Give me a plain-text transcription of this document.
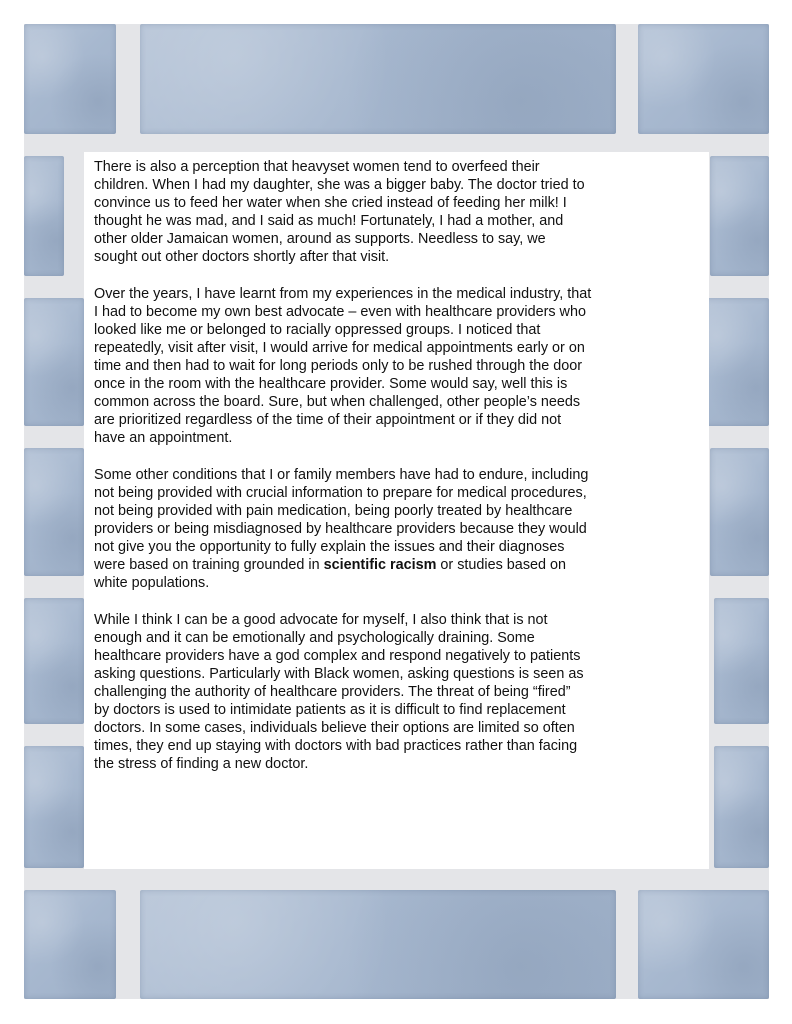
There is also a perception that heavyset women tend to overfeed their
children. When I had my daughter, she was a bigger baby. The doctor tried to
convince us to feed her water when she cried instead of feeding her milk! I
thought he was mad, and I said as much! Fortunately, I had a mother, and
other older Jamaican women, around as supports. Needless to say, we
sought out other doctors shortly after that visit.

Over the years, I have learnt from my experiences in the medical industry, that
I had to become my own best advocate – even with healthcare providers who
looked like me or belonged to racially oppressed groups. I noticed that
repeatedly, visit after visit, I would arrive for medical appointments early or on
time and then had to wait for long periods only to be rushed through the door
once in the room with the healthcare provider. Some would say, well this is
common across the board. Sure, but when challenged, other people’s needs
are prioritized regardless of the time of their appointment or if they did not
have an appointment.

Some other conditions that I or family members have had to endure, including
not being provided with crucial information to prepare for medical procedures,
not being provided with pain medication, being poorly treated by healthcare
providers or being misdiagnosed by healthcare providers because they would
not give you the opportunity to fully explain the issues and their diagnoses
were based on training grounded in scientific racism or studies based on
white populations.

While I think I can be a good advocate for myself, I also think that is not
enough and it can be emotionally and psychologically draining. Some
healthcare providers have a god complex and respond negatively to patients
asking questions. Particularly with Black women, asking questions is seen as
challenging the authority of healthcare providers. The threat of being “fired”
by doctors is used to intimidate patients as it is difficult to find replacement
doctors. In some cases, individuals believe their options are limited so often
times, they end up staying with doctors with bad practices rather than facing
the stress of finding a new doctor.
